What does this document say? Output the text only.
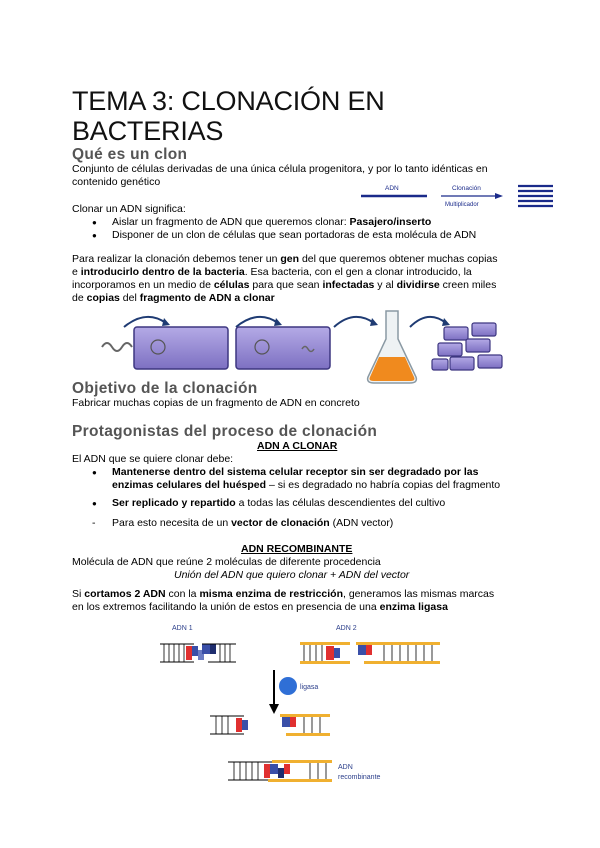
TEMA 3: CLONACIÓN EN
BACTERIAS
Qué es un clon
Conjunto de células derivadas de una única célula progenitora, y por lo tanto idénticas en
contenido genético
ADN	Clonación
Multiplicador
Clonar un ADN significa:
● Aislar un fragmento de ADN que queremos clonar: Pasajero/inserto
● Disponer de un clon de células que sean portadoras de esta molécula de ADN
Para realizar la clonación debemos tener un gen del que queremos obtener muchas copias
e introducirlo dentro de la bacteria. Esa bacteria, con el gen a clonar introducido, la
incorporamos en un medio de células para que sean infectadas y al dividirse creen miles
de copias del fragmento de ADN a clonar
Objetivo de la clonación
Fabricar muchas copias de un fragmento de ADN en concreto
Protagonistas del proceso de clonación
ADN A CLONAR
El ADN que se quiere clonar debe:
● Mantenerse dentro del sistema celular receptor sin ser degradado por las
enzimas celulares del huésped – si es degradado no habría copias del fragmento
● Ser replicado y repartido a todas las células descendientes del cultivo
- Para esto necesita de un vector de clonación (ADN vector)
ADN RECOMBINANTE
Molécula de ADN que reúne 2 moléculas de diferente procedencia
Unión del ADN que quiero clonar + ADN del vector
Si cortamos 2 ADN con la misma enzima de restricción, generamos las mismas marcas
en los extremos facilitando la unión de estos en presencia de una enzima ligasa
ADN 1	ADN 2
ligasa
ADN
recombinante
